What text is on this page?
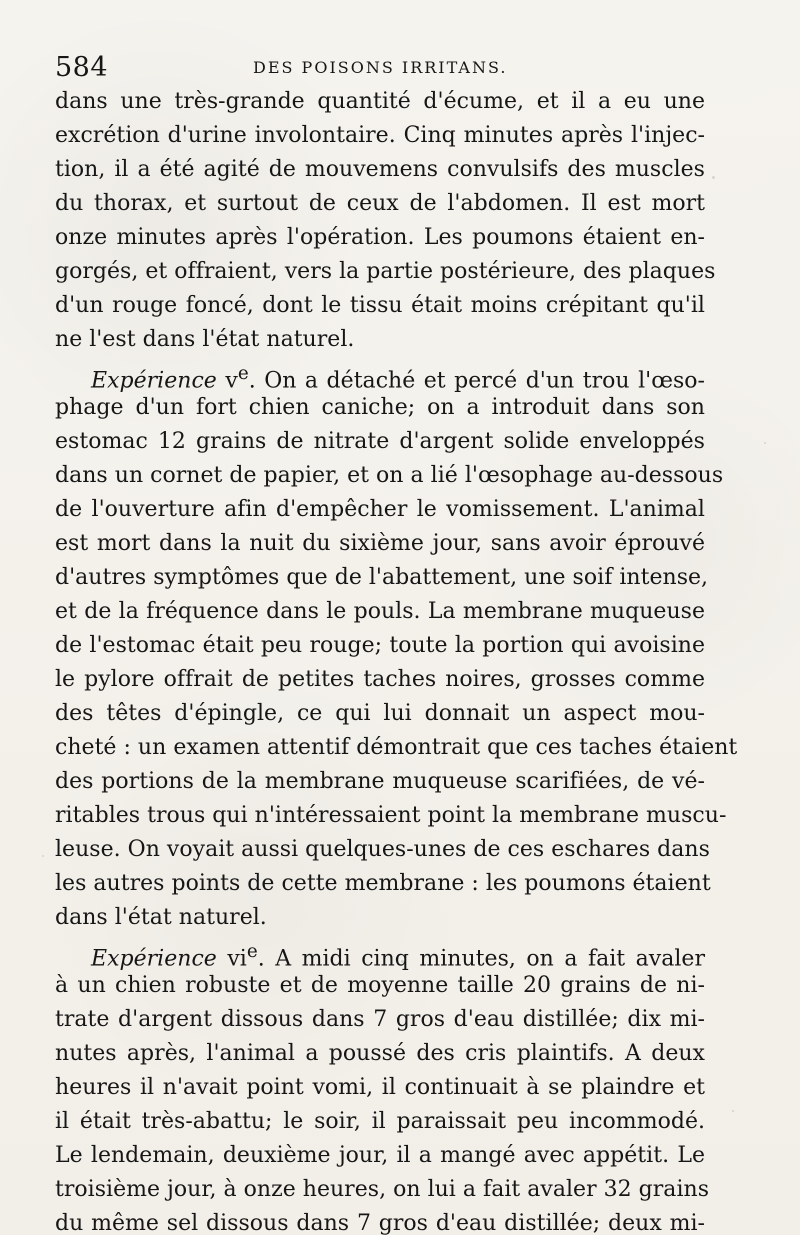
584	DES POISONS IRRITANS.
dans une très-grande quantité d'écume, et il a eu une
excrétion d'urine involontaire. Cinq minutes après l'injec-
tion, il a été agité de mouvemens convulsifs des muscles
du thorax, et surtout de ceux de l'abdomen. Il est mort
onze minutes après l'opération. Les poumons étaient en-
gorgés, et offraient, vers la partie postérieure, des plaques
d'un rouge foncé, dont le tissu était moins crépitant qu'il
ne l'est dans l'état naturel.
Expérience $v^e$. On a détaché et percé d'un trou l'œso-
phage d'un fort chien caniche; on a introduit dans son
estomac 12 grains de nitrate d'argent solide enveloppés
dans un cornet de papier, et on a lié l'œsophage au-dessous
de l'ouverture afin d'empêcher le vomissement. L'animal
est mort dans la nuit du sixième jour, sans avoir éprouvé
d'autres symptômes que de l'abattement, une soif intense,
et de la fréquence dans le pouls. La membrane muqueuse
de l'estomac était peu rouge; toute la portion qui avoisine
le pylore offrait de petites taches noires, grosses comme
des têtes d'épingle, ce qui lui donnait un aspect mou-
cheté : un examen attentif démontrait que ces taches étaient
des portions de la membrane muqueuse scarifiées, de vé-
ritables trous qui n'intéressaient point la membrane muscu-
leuse. On voyait aussi quelques-unes de ces eschares dans
les autres points de cette membrane : les poumons étaient
dans l'état naturel.
Expérience $vi^e$. A midi cinq minutes, on a fait avaler
à un chien robuste et de moyenne taille 20 grains de ni-
trate d'argent dissous dans 7 gros d'eau distillée; dix mi-
nutes après, l'animal a poussé des cris plaintifs. A deux
heures il n'avait point vomi, il continuait à se plaindre et
il était très-abattu; le soir, il paraissait peu incommodé.
Le lendemain, deuxième jour, il a mangé avec appétit. Le
troisième jour, à onze heures, on lui a fait avaler 32 grains
du même sel dissous dans 7 gros d'eau distillée; deux mi-
